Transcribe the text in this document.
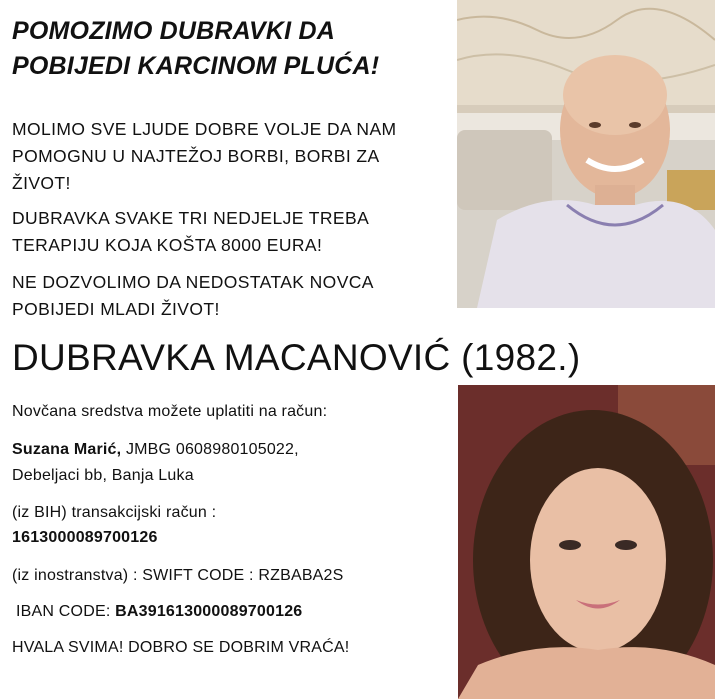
POMOZIMO DUBRAVKI DA
POBIJEDI KARCINOM PLUĆA!
MOLIMO SVE LJUDE DOBRE VOLJE DA NAM
POMOGNU U NAJTEŽOJ BORBI, BORBI ZA
ŽIVOT!
DUBRAVKA SVAKE TRI NEDJELJE TREBA
TERAPIJU KOJA KOŠTA 8000 EURA!
NE DOZVOLIMO DA NEDOSTATAK NOVCA
POBIJEDI MLADI ŽIVOT!
DUBRAVKA MACANOVIĆ (1982.)
Novčana sredstva možete uplatiti na račun:
Suzana Marić, JMBG 0608980105022,
Debeljaci bb, Banja Luka
(iz BIH) transakcijski račun :
1613000089700126
(iz inostranstva) : SWIFT CODE : RZBABA2S
IBAN CODE: BA391613000089700126
HVALA SVIMA! DOBRO SE DOBRIM VRAĆA!
